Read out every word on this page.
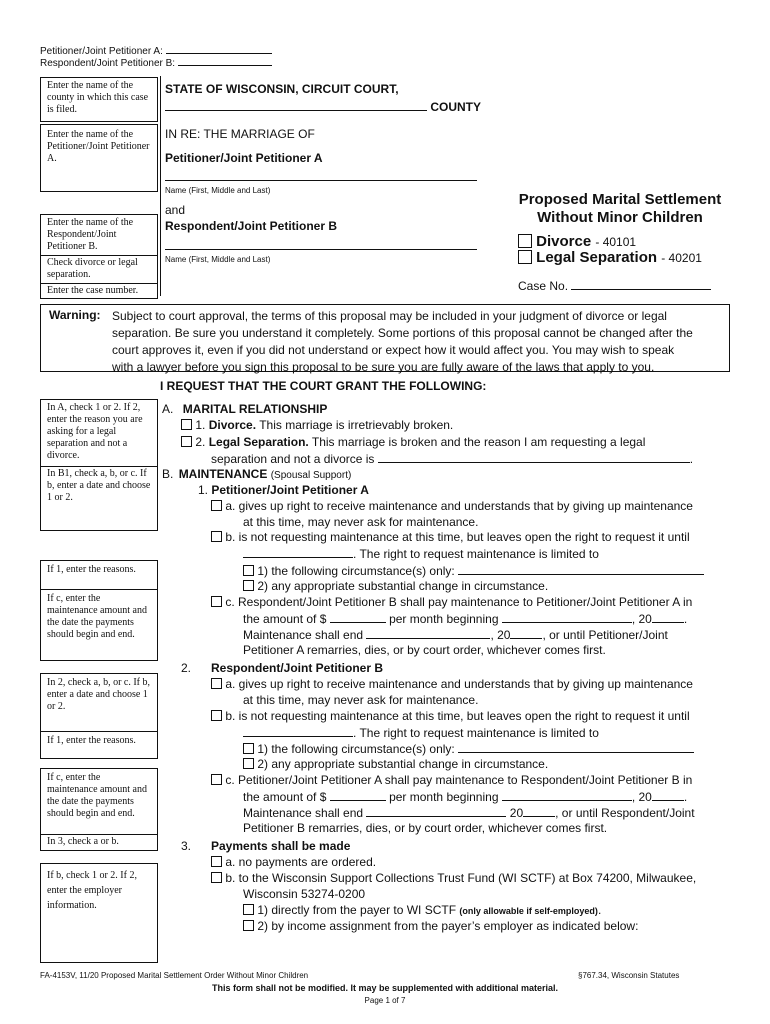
Petitioner/Joint Petitioner A:
Respondent/Joint Petitioner B:
Enter the name of the county in which this case is filed.
Enter the name of the Petitioner/Joint Petitioner A.
Enter the name of the Respondent/Joint Petitioner B.
Check divorce or legal separation.
Enter the case number.
STATE OF WISCONSIN, CIRCUIT COURT,
COUNTY
IN RE: THE MARRIAGE OF
Petitioner/Joint Petitioner A
Name (First, Middle and Last)
and
Respondent/Joint Petitioner B
Name (First, Middle and Last)
Proposed Marital Settlement
Without Minor Children
Divorce - 40101
Legal Separation - 40201
Case No.
Warning: Subject to court approval, the terms of this proposal may be included in your judgment of divorce or legal
separation. Be sure you understand it completely. Some portions of this proposal cannot be changed after the
court approves it, even if you did not understand or expect how it would affect you. You may wish to speak
with a lawyer before you sign this proposal to be sure you are fully aware of the laws that apply to you.
I REQUEST THAT THE COURT GRANT THE FOLLOWING:
In A, check 1 or 2. If 2, enter the reason you are asking for a legal separation and not a divorce.
In B1, check a, b, or c. If b, enter a date and choose 1 or 2.
If 1, enter the reasons.
If c, enter the maintenance amount and the date the payments should begin and end.
In 2, check a, b, or c. If b, enter a date and choose 1 or 2.
If 1, enter the reasons.
If c, enter the maintenance amount and the date the payments should begin and end.
In 3, check a or b.
If b, check 1 or 2. If 2, enter the employer information.
A. MARITAL RELATIONSHIP
1. Divorce. This marriage is irretrievably broken.
2. Legal Separation. This marriage is broken and the reason I am requesting a legal
separation and not a divorce is	.
B. MAINTENANCE (Spousal Support)
1. Petitioner/Joint Petitioner A
a. gives up right to receive maintenance and understands that by giving up maintenance
at this time, may never ask for maintenance.
b. is not requesting maintenance at this time, but leaves open the right to request it until
. The right to request maintenance is limited to
1) the following circumstance(s) only:
2) any appropriate substantial change in circumstance.
c. Respondent/Joint Petitioner B shall pay maintenance to Petitioner/Joint Petitioner A in
the amount of $	per month beginning	, 20	.
Maintenance shall end	, 20	, or until Petitioner/Joint
Petitioner A remarries, dies, or by court order, whichever comes first.
2. Respondent/Joint Petitioner B
a. gives up right to receive maintenance and understands that by giving up maintenance
at this time, may never ask for maintenance.
b. is not requesting maintenance at this time, but leaves open the right to request it until
. The right to request maintenance is limited to
1) the following circumstance(s) only:
2) any appropriate substantial change in circumstance.
c. Petitioner/Joint Petitioner A shall pay maintenance to Respondent/Joint Petitioner B in
the amount of $	per month beginning	, 20	.
Maintenance shall end	20	, or until Respondent/Joint
Petitioner B remarries, dies, or by court order, whichever comes first.
3. Payments shall be made
a. no payments are ordered.
b. to the Wisconsin Support Collections Trust Fund (WI SCTF) at Box 74200, Milwaukee,
Wisconsin 53274-0200
1) directly from the payer to WI SCTF (only allowable if self-employed).
2) by income assignment from the payer’s employer as indicated below:
FA-4153V, 11/20 Proposed Marital Settlement Order Without Minor Children	§767.34, Wisconsin Statutes
This form shall not be modified. It may be supplemented with additional material.
Page 1 of 7
